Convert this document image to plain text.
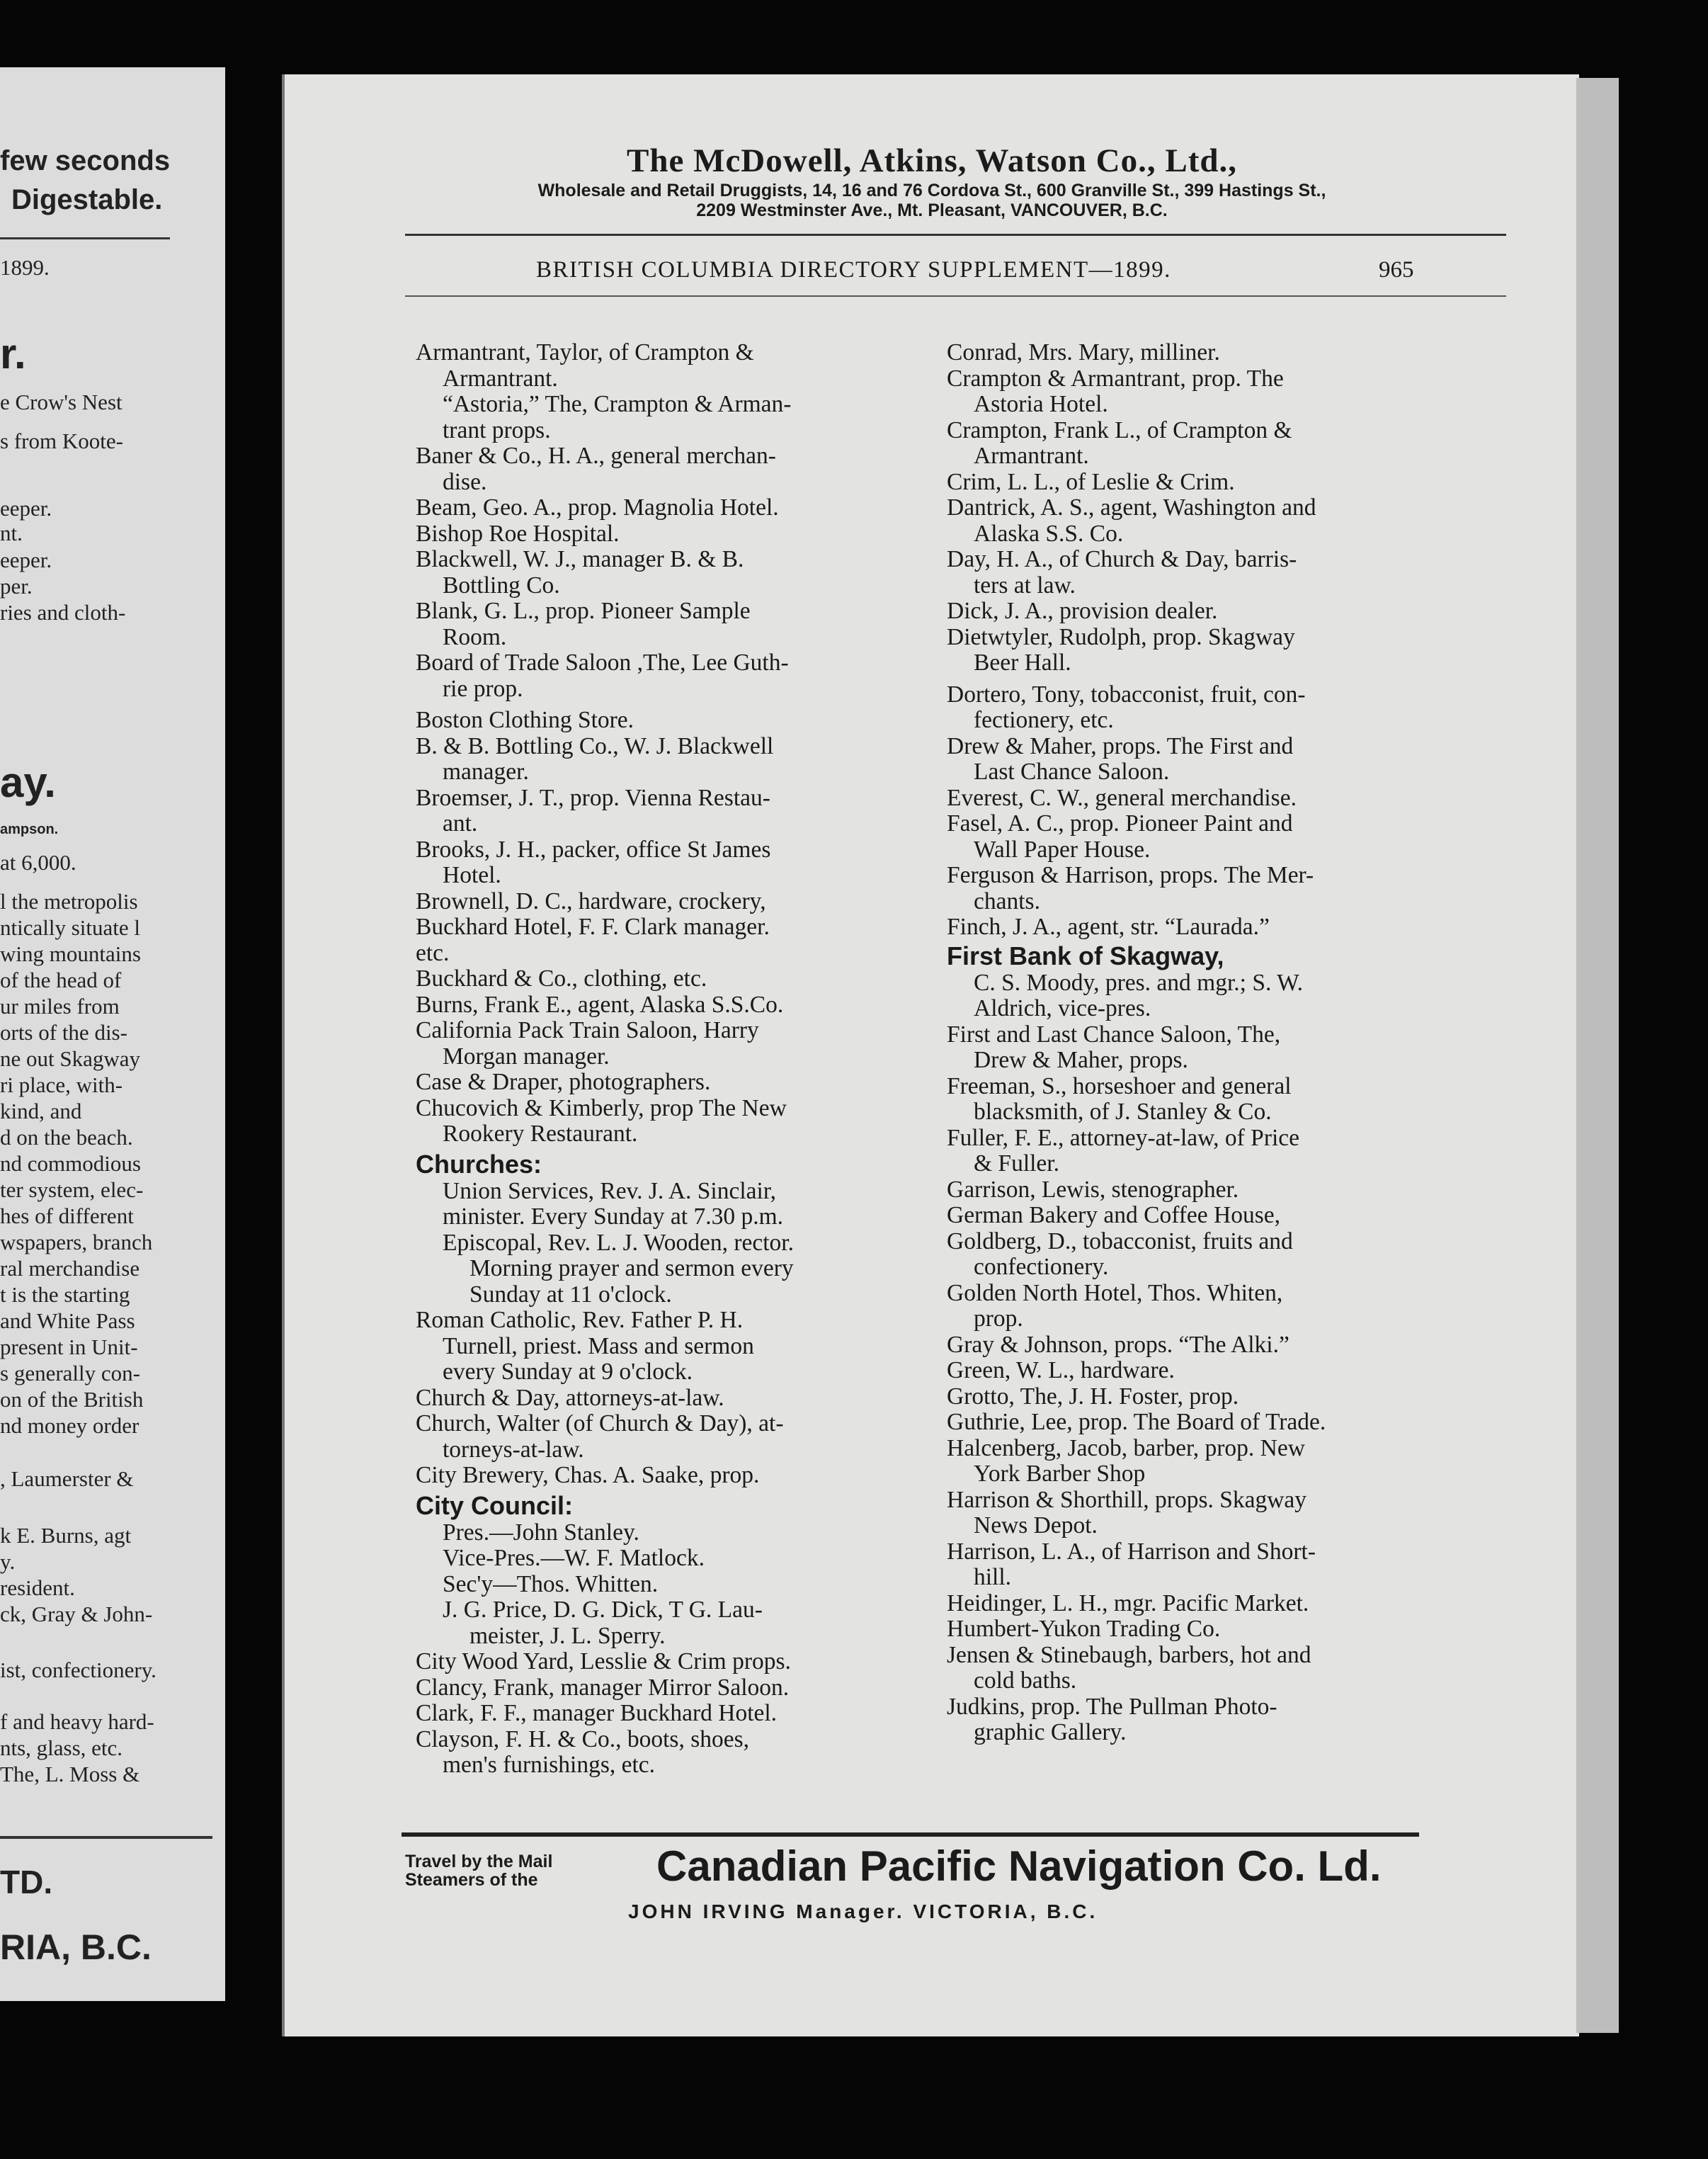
few seconds
Digestable.
1899.
r.
e Crow's Nest
s from Koote-
eeper.
nt.
eeper.
per.
ries and cloth-
ay.
ampson.
at 6,000.
l the metropolis
ntically situate l
wing mountains
of the head of
ur miles from
orts of the dis-
ne out Skagway
ri place, with-
kind, and
d on the beach.
nd commodious
ter system, elec-
hes of different
wspapers, branch
ral merchandise
t is the starting
and White Pass
present in Unit-
s generally con-
on of the British
nd money order
, Laumerster &
k E. Burns, agt
y.
resident.
ck, Gray & John-
ist, confectionery.
f and heavy hard-
nts, glass, etc.
The, L. Moss &
TD.
RIA, B.C.
The McDowell, Atkins, Watson Co., Ltd.,
Wholesale and Retail Druggists, 14, 16 and 76 Cordova St., 600 Granville St., 399 Hastings St.,
2209 Westminster Ave., Mt. Pleasant, VANCOUVER, B.C.
BRITISH COLUMBIA DIRECTORY SUPPLEMENT—1899.	965
Armantrant, Taylor, of Crampton &
Armantrant.
“Astoria,” The, Crampton & Arman-
trant props.
Baner & Co., H. A., general merchan-
dise.
Beam, Geo. A., prop. Magnolia Hotel.
Bishop Roe Hospital.
Blackwell, W. J., manager B. & B.
Bottling Co.
Blank, G. L., prop. Pioneer Sample
Room.
Board of Trade Saloon ,The, Lee Guth-
rie prop.
Boston Clothing Store.
B. & B. Bottling Co., W. J. Blackwell
manager.
Broemser, J. T., prop. Vienna Restau-
ant.
Brooks, J. H., packer, office St James
Hotel.
Brownell, D. C., hardware, crockery,
Buckhard Hotel, F. F. Clark manager.
etc.
Buckhard & Co., clothing, etc.
Burns, Frank E., agent, Alaska S.S.Co.
California Pack Train Saloon, Harry
Morgan manager.
Case & Draper, photographers.
Chucovich & Kimberly, prop The New
Rookery Restaurant.
Churches:
Union Services, Rev. J. A. Sinclair,
minister. Every Sunday at 7.30 p.m.
Episcopal, Rev. L. J. Wooden, rector.
Morning prayer and sermon every
Sunday at 11 o'clock.
Roman Catholic, Rev. Father P. H.
Turnell, priest. Mass and sermon
every Sunday at 9 o'clock.
Church & Day, attorneys-at-law.
Church, Walter (of Church & Day), at-
torneys-at-law.
City Brewery, Chas. A. Saake, prop.
City Council:
Pres.—John Stanley.
Vice-Pres.—W. F. Matlock.
Sec'y—Thos. Whitten.
J. G. Price, D. G. Dick, T G. Lau-
meister, J. L. Sperry.
City Wood Yard, Lesslie & Crim props.
Clancy, Frank, manager Mirror Saloon.
Clark, F. F., manager Buckhard Hotel.
Clayson, F. H. & Co., boots, shoes,
men's furnishings, etc.
Conrad, Mrs. Mary, milliner.
Crampton & Armantrant, prop. The
Astoria Hotel.
Crampton, Frank L., of Crampton &
Armantrant.
Crim, L. L., of Leslie & Crim.
Dantrick, A. S., agent, Washington and
Alaska S.S. Co.
Day, H. A., of Church & Day, barris-
ters at law.
Dick, J. A., provision dealer.
Dietwtyler, Rudolph, prop. Skagway
Beer Hall.
Dortero, Tony, tobacconist, fruit, con-
fectionery, etc.
Drew & Maher, props. The First and
Last Chance Saloon.
Everest, C. W., general merchandise.
Fasel, A. C., prop. Pioneer Paint and
Wall Paper House.
Ferguson & Harrison, props. The Mer-
chants.
Finch, J. A., agent, str. “Laurada.”
First Bank of Skagway,
C. S. Moody, pres. and mgr.; S. W.
Aldrich, vice-pres.
First and Last Chance Saloon, The,
Drew & Maher, props.
Freeman, S., horseshoer and general
blacksmith, of J. Stanley & Co.
Fuller, F. E., attorney-at-law, of Price
& Fuller.
Garrison, Lewis, stenographer.
German Bakery and Coffee House,
Goldberg, D., tobacconist, fruits and
confectionery.
Golden North Hotel, Thos. Whiten,
prop.
Gray & Johnson, props. “The Alki.”
Green, W. L., hardware.
Grotto, The, J. H. Foster, prop.
Guthrie, Lee, prop. The Board of Trade.
Halcenberg, Jacob, barber, prop. New
York Barber Shop
Harrison & Shorthill, props. Skagway
News Depot.
Harrison, L. A., of Harrison and Short-
hill.
Heidinger, L. H., mgr. Pacific Market.
Humbert-Yukon Trading Co.
Jensen & Stinebaugh, barbers, hot and
cold baths.
Judkins, prop. The Pullman Photo-
graphic Gallery.
Travel by the Mail
Steamers of the	Canadian Pacific Navigation Co. Ld.
JOHN IRVING Manager. VICTORIA, B.C.
